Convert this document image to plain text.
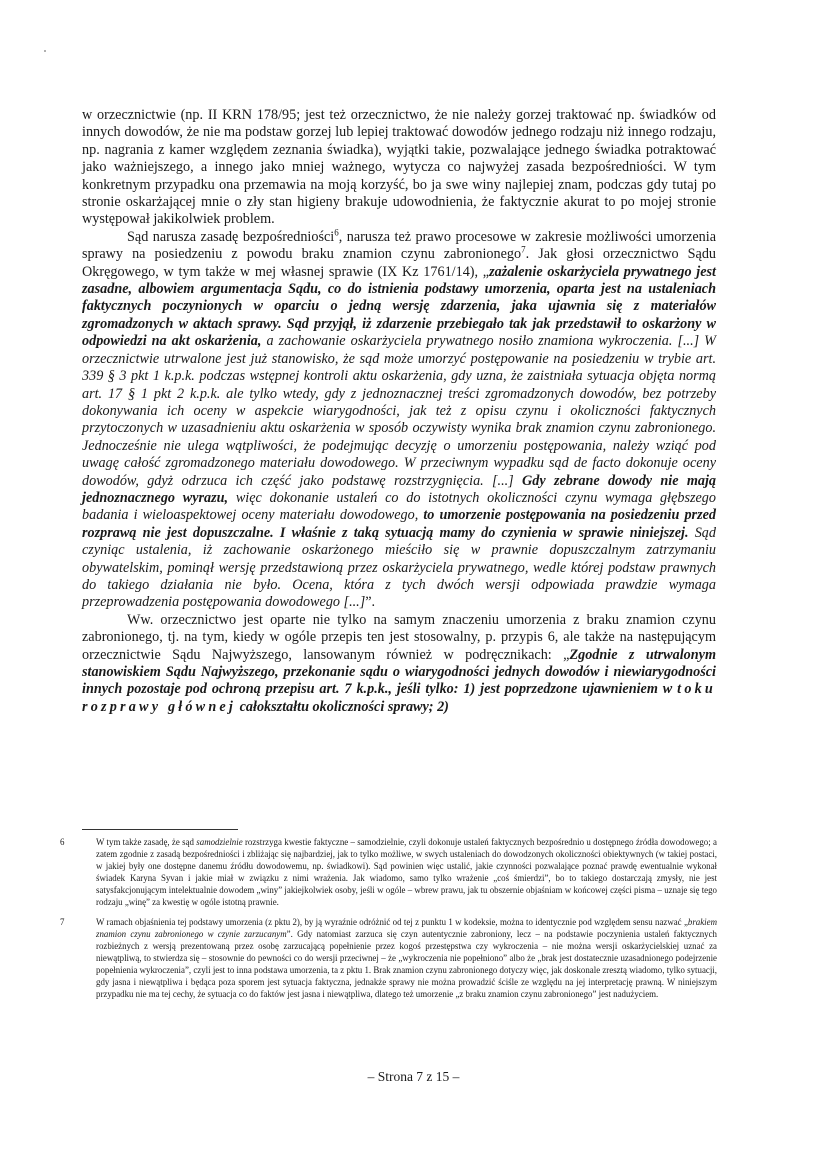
w orzecznictwie (np. II KRN 178/95; jest też orzecznictwo, że nie należy gorzej traktować np. świadków od innych dowodów, że nie ma podstaw gorzej lub lepiej traktować dowodów jednego rodzaju niż innego rodzaju, np. nagrania z kamer względem zeznania świadka), wyjątki takie, pozwalające jednego świadka potraktować jako ważniejszego, a innego jako mniej ważnego, wytycza co najwyżej zasada bezpośredniości. W tym konkretnym przypadku ona przemawia na moją korzyść, bo ja swe winy najlepiej znam, podczas gdy tutaj po stronie oskarżającej mnie o zły stan higieny brakuje udowodnienia, że faktycznie akurat to po mojej stronie występował jakikolwiek problem.

Sąd narusza zasadę bezpośredniości$^6$, narusza też prawo procesowe w zakresie możliwości umorzenia sprawy na posiedzeniu z powodu braku znamion czynu zabronionego$^7$. Jak głosi orzecznictwo Sądu Okręgowego, w tym także w mej własnej sprawie (IX Kz 1761/14), „zażalenie oskarżyciela prywatnego jest zasadne, albowiem argumentacja Sądu, co do istnienia podstawy umorzenia, oparta jest na ustaleniach faktycznych poczynionych w oparciu o jedną wersję zdarzenia, jaka ujawnia się z materiałów zgromadzonych w aktach sprawy. Sąd przyjął, iż zdarzenie przebiegało tak jak przedstawił to oskarżony w odpowiedzi na akt oskarżenia, a zachowanie oskarżyciela prywatnego nosiło znamiona wykroczenia. [...] W orzecznictwie utrwalone jest już stanowisko, że sąd może umorzyć postępowanie na posiedzeniu w trybie art. 339 § 3 pkt 1 k.p.k. podczas wstępnej kontroli aktu oskarżenia, gdy uzna, że zaistniała sytuacja objęta normą art. 17 § 1 pkt 2 k.p.k. ale tylko wtedy, gdy z jednoznacznej treści zgromadzonych dowodów, bez potrzeby dokonywania ich oceny w aspekcie wiarygodności, jak też z opisu czynu i okoliczności faktycznych przytoczonych w uzasadnieniu aktu oskarżenia w sposób oczywisty wynika brak znamion czynu zabronionego. Jednocześnie nie ulega wątpliwości, że podejmując decyzję o umorzeniu postępowania, należy wziąć pod uwagę całość zgromadzonego materiału dowodowego. W przeciwnym wypadku sąd de facto dokonuje oceny dowodów, gdyż odrzuca ich część jako podstawę rozstrzygnięcia. [...] Gdy zebrane dowody nie mają jednoznacznego wyrazu, więc dokonanie ustaleń co do istotnych okoliczności czynu wymaga głębszego badania i wieloaspektowej oceny materiału dowodowego, to umorzenie postępowania na posiedzeniu przed rozprawą nie jest dopuszczalne. I właśnie z taką sytuacją mamy do czynienia w sprawie niniejszej. Sąd czyniąc ustalenia, iż zachowanie oskarżonego mieściło się w prawnie dopuszczalnym zatrzymaniu obywatelskim, pominął wersję przedstawioną przez oskarżyciela prywatnego, wedle której podstaw prawnych do takiego działania nie było. Ocena, która z tych dwóch wersji odpowiada prawdzie wymaga przeprowadzenia postępowania dowodowego [...]”.

Ww. orzecznictwo jest oparte nie tylko na samym znaczeniu umorzenia z braku znamion czynu zabronionego, tj. na tym, kiedy w ogóle przepis ten jest stosowalny, p. przypis 6, ale także na następującym orzecznictwie Sądu Najwyższego, lansowanym również w podręcznikach: „Zgodnie z utrwalonym stanowiskiem Sądu Najwyższego, przekonanie sądu o wiarygodności jednych dowodów i niewiarygodności innych pozostaje pod ochroną przepisu art. 7 k.p.k., jeśli tylko: 1) jest poprzedzone ujawnieniem w toku rozprawy głównej całokształtu okoliczności sprawy; 2)

6	W tym także zasadę, że sąd samodzielnie rozstrzyga kwestie faktyczne – samodzielnie, czyli dokonuje ustaleń faktycznych bezpośrednio u dostępnego źródła dowodowego; a zatem zgodnie z zasadą bezpośredniości i zbliżając się najbardziej, jak to tylko możliwe, w swych ustaleniach do dowodzonych okoliczności obiektywnych (w takiej postaci, w jakiej były one dostępne danemu źródłu dowodowemu, np. świadkowi). Sąd powinien więc ustalić, jakie czynności pozwalające poznać prawdę ewentualnie wykonał świadek Karyna Syvan i jakie miał w związku z nimi wrażenia. Jak wiadomo, samo tylko wrażenie „coś śmierdzi”, bo to takiego dostarczają zmysły, nie jest satysfakcjonującym intelektualnie dowodem „winy” jakiejkolwiek osoby, jeśli w ogóle – wbrew prawu, jak tu obszernie objaśniam w końcowej części pisma – uznaje się tego rodzaju „winę” za kwestię w ogóle istotną prawnie.
7	W ramach objaśnienia tej podstawy umorzenia (z pktu 2), by ją wyraźnie odróżnić od tej z punktu 1 w kodeksie, można to identycznie pod względem sensu nazwać „brakiem znamion czynu zabronionego w czynie zarzucanym”. Gdy natomiast zarzuca się czyn autentycznie zabroniony, lecz – na podstawie poczynienia ustaleń faktycznych rozbieżnych z wersją prezentowaną przez osobę zarzucającą popełnienie przez kogoś przestępstwa czy wykroczenia – nie można wersji oskarżycielskiej uznać za niewątpliwą, to stwierdza się – stosownie do pewności co do wersji przeciwnej – że „wykroczenia nie popełniono” albo że „brak jest dostatecznie uzasadnionego podejrzenie popełnienia wykroczenia”, czyli jest to inna podstawa umorzenia, ta z pktu 1. Brak znamion czynu zabronionego dotyczy więc, jak doskonale zresztą wiadomo, tylko sytuacji, gdy jasna i niewątpliwa i będąca poza sporem jest sytuacja faktyczna, jednakże sprawy nie można prowadzić ściśle ze względu na jej interpretację prawną. W niniejszym przypadku nie ma tej cechy, że sytuacja co do faktów jest jasna i niewątpliwa, dlatego też umorzenie „z braku znamion czynu zabronionego” jest nadużyciem.
– Strona 7 z 15 –
